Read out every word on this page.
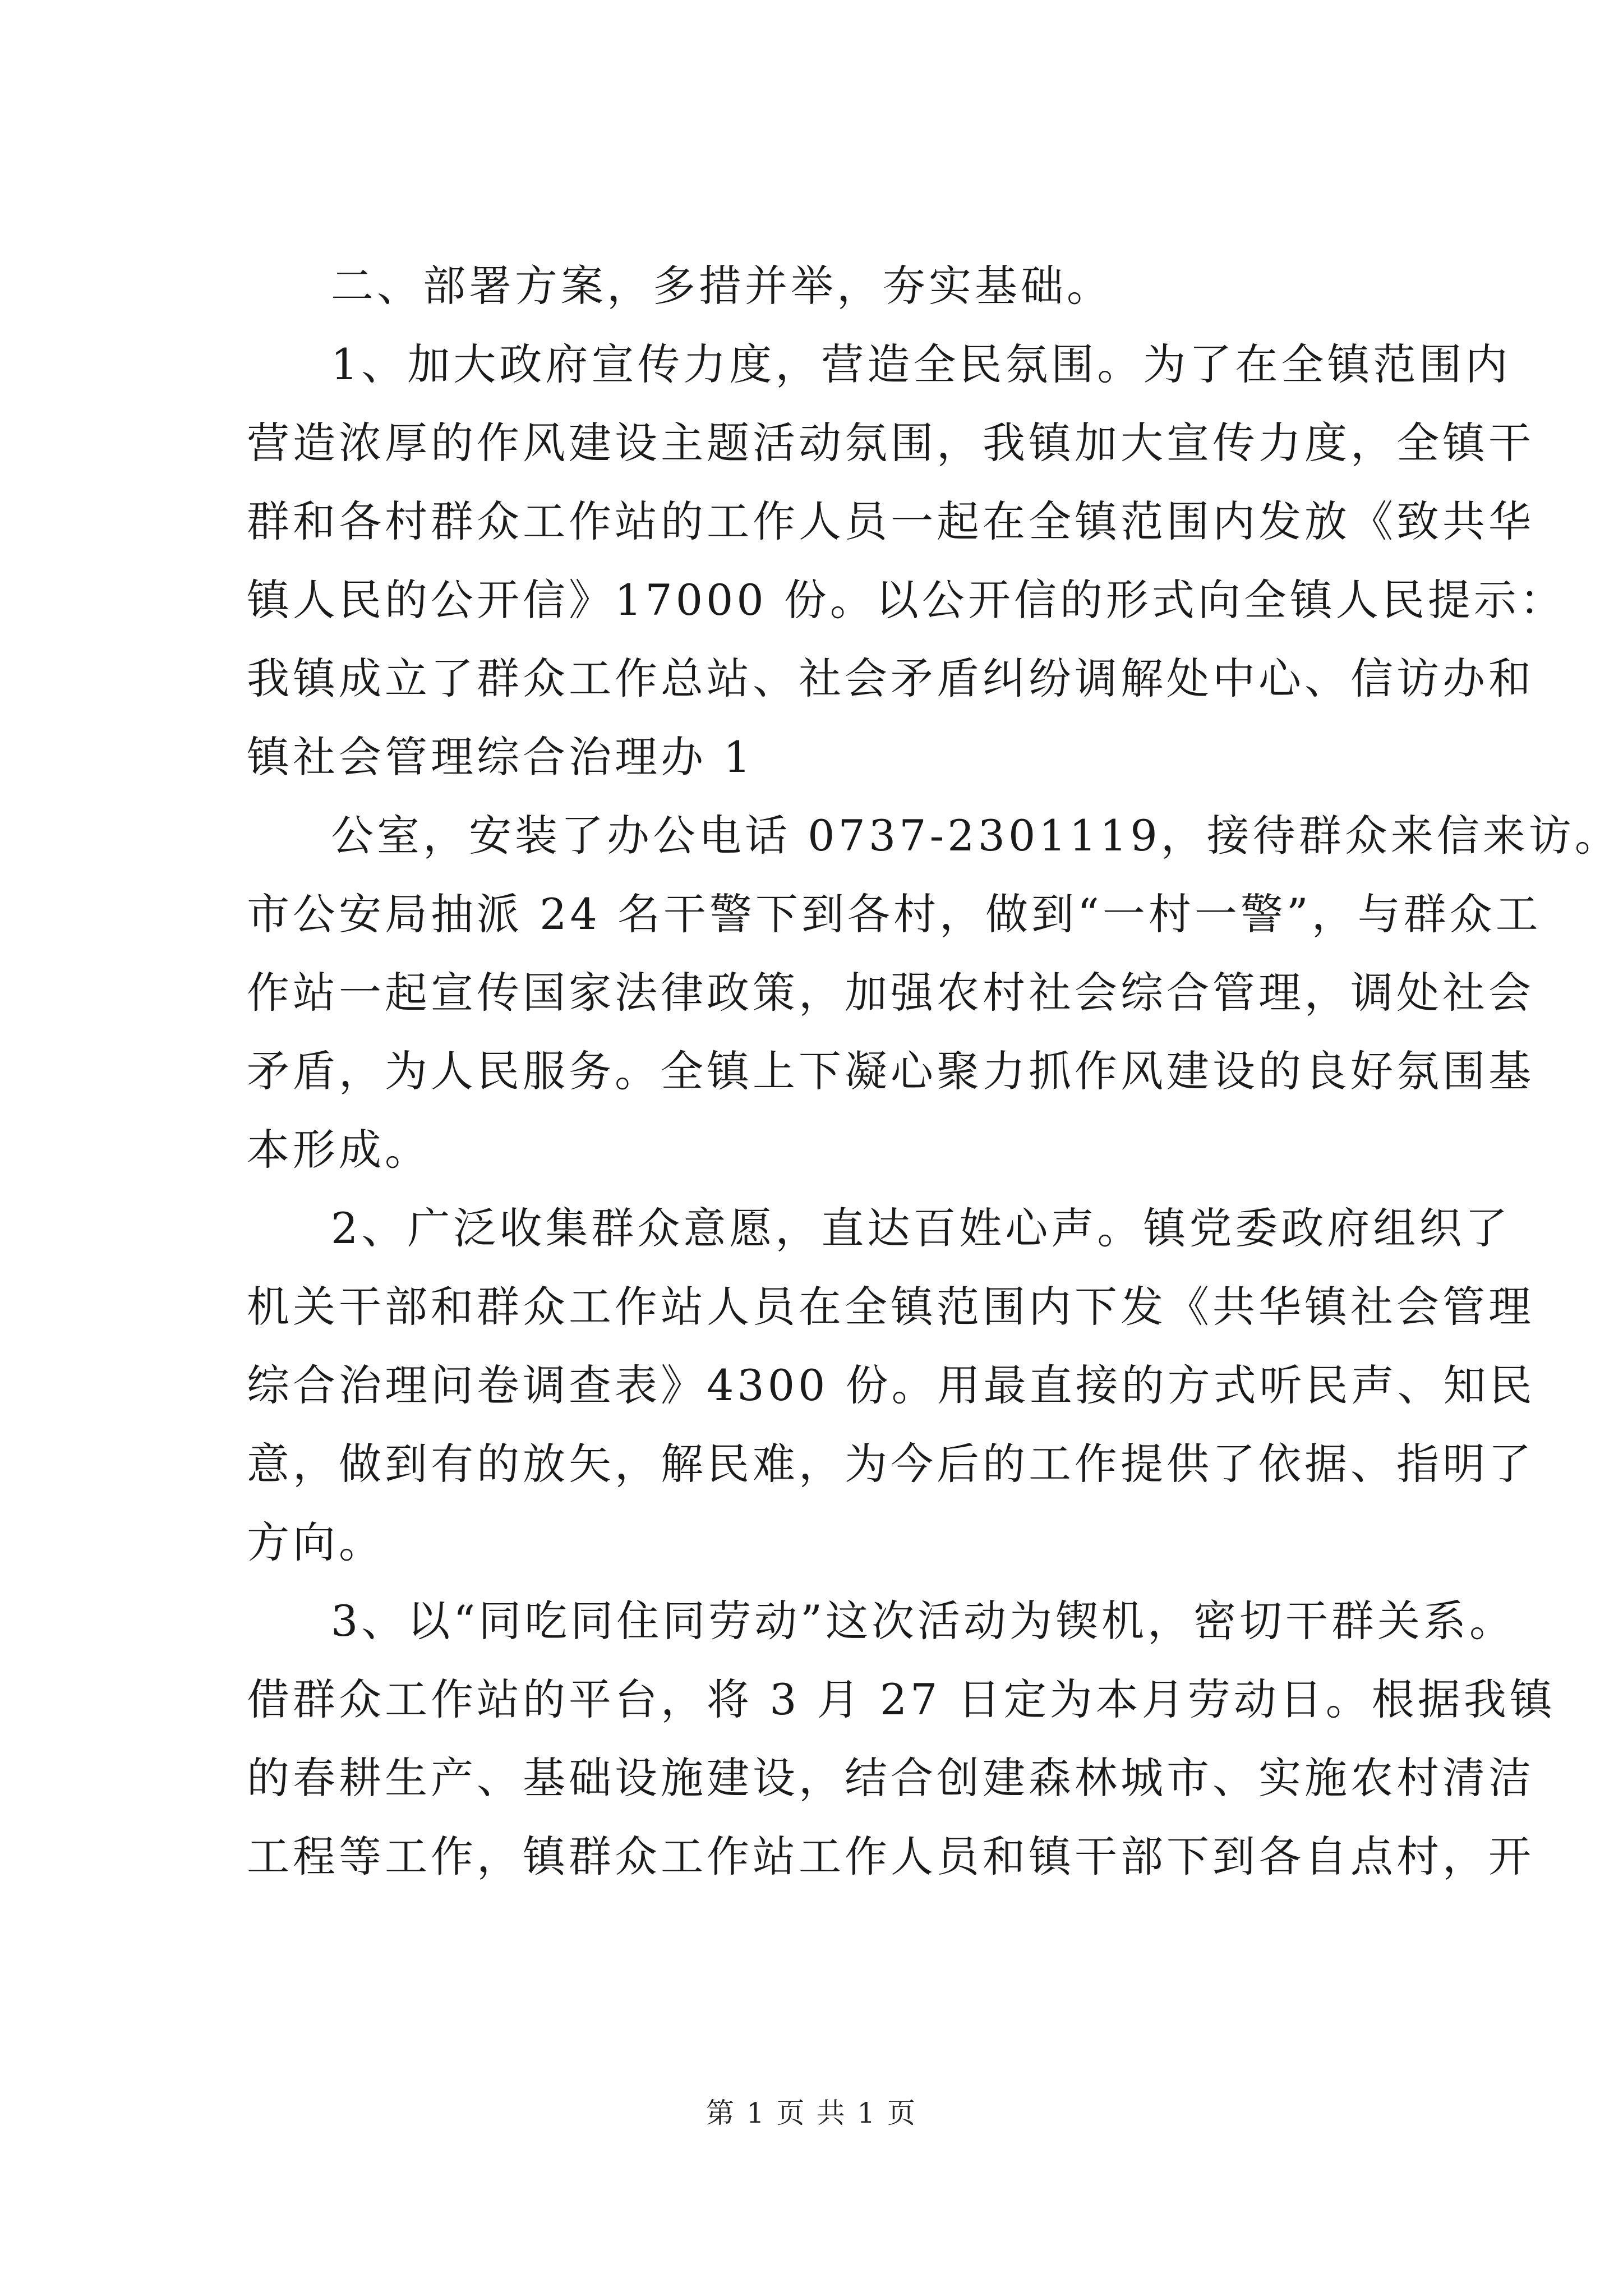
二、部署方案，多措并举，夯实基础。
1、加大政府宣传力度，营造全民氛围。为了在全镇范围内
营造浓厚的作风建设主题活动氛围，我镇加大宣传力度，全镇干
群和各村群众工作站的工作人员一起在全镇范围内发放《致共华
镇人民的公开信》17000 份。以公开信的形式向全镇人民提示：
我镇成立了群众工作总站、社会矛盾纠纷调解处中心、信访办和
镇社会管理综合治理办 1
公室，安装了办公电话 0737-2301119，接待群众来信来访。
市公安局抽派 24 名干警下到各村，做到“一村一警”，与群众工
作站一起宣传国家法律政策，加强农村社会综合管理，调处社会
矛盾，为人民服务。全镇上下凝心聚力抓作风建设的良好氛围基
本形成。
2、广泛收集群众意愿，直达百姓心声。镇党委政府组织了
机关干部和群众工作站人员在全镇范围内下发《共华镇社会管理
综合治理问卷调查表》4300 份。用最直接的方式听民声、知民
意，做到有的放矢，解民难，为今后的工作提供了依据、指明了
方向。
3、以“同吃同住同劳动”这次活动为锲机，密切干群关系。
借群众工作站的平台，将 3 月 27 日定为本月劳动日。根据我镇
的春耕生产、基础设施建设，结合创建森林城市、实施农村清洁
工程等工作，镇群众工作站工作人员和镇干部下到各自点村，开
第 1 页 共 1 页
